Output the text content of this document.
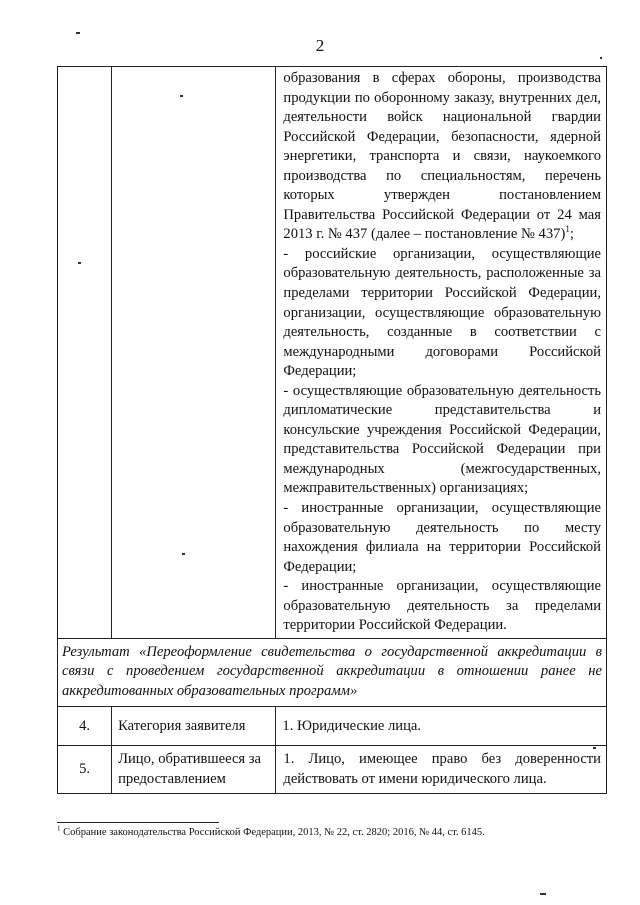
2

		образования в сферах обороны, производства продукции по оборонному заказу, внутренних дел, деятельности войск национальной гвардии Российской Федерации, безопасности, ядерной энергетики, транспорта и связи, наукоемкого производства по специальностям, перечень которых утвержден постановлением Правительства Российской Федерации от 24 мая 2013 г. № 437 (далее – постановление № 437)$^1$;

- российские организации, осуществляющие образовательную деятельность, расположенные за пределами территории Российской Федерации, организации, осуществляющие образовательную деятельность, созданные в соответствии с международными договорами Российской Федерации;

- осуществляющие образовательную деятельность дипломатические представительства и консульские учреждения Российской Федерации, представительства Российской Федерации при международных (межгосударственных, межправительственных) организациях;

- иностранные организации, осуществляющие образовательную деятельность по месту нахождения филиала на территории Российской Федерации;

- иностранные организации, осуществляющие образовательную деятельность за пределами территории Российской Федерации.

Результат «Переоформление свидетельства о государственной аккредитации в связи с проведением государственной аккредитации в отношении ранее не аккредитованных образовательных программ»		
4.	Категория заявителя	1. Юридические лица.
5.	Лицо, обратившееся за предоставлением	1. Лицо, имеющее право без доверенности действовать от имени юридического лица.
$^1$ Собрание законодательства Российской Федерации, 2013, № 22, ст. 2820; 2016, № 44, ст. 6145.
